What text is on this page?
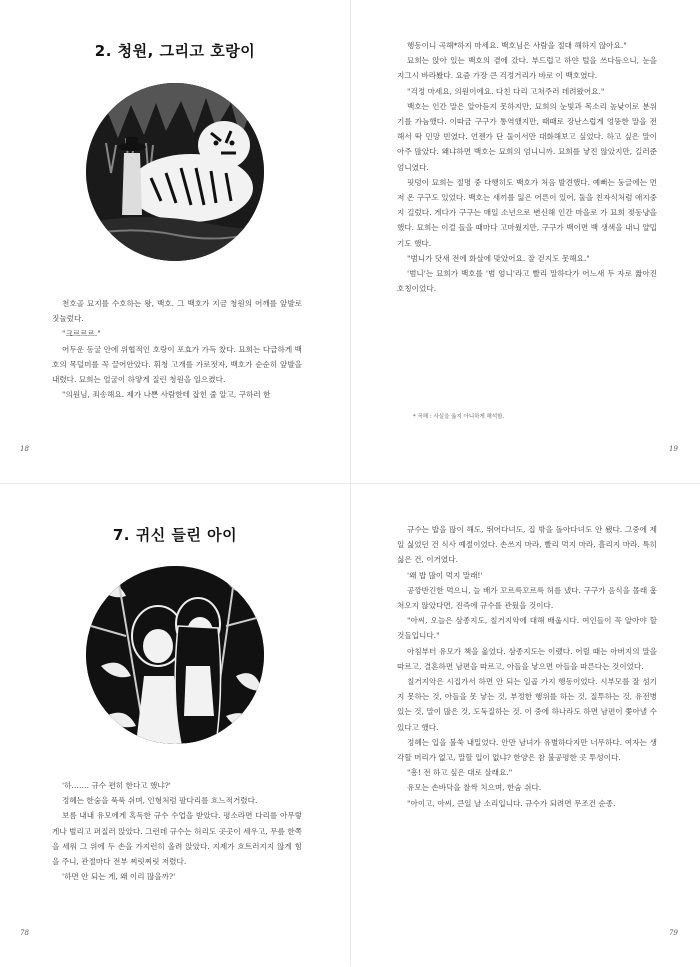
2. 청원, 그리고 호랑이

천호골 묘지를 수호하는 왕, 백호. 그 백호가 지금 청원의 어깨를 앞발로 짓눌렀다.

"크르르르."

어두운 동굴 안에 위협적인 호랑이 포효가 가득 찼다. 묘희는 다급하게 백호의 목덜미를 꼭 끌어안았다. 휘청 고개를 가로젓자, 백호가 순순히 앞발을 내렸다. 묘희는 얼굴이 하얗게 질린 청원을 일으켰다.

"의원님, 죄송해요. 제가 나쁜 사람한테 잡힌 줄 알고, 구하러 한

18

행동이니 곡해*하지 마세요. 백호님은 사람을 절대 해하지 않아요."

묘희는 앉아 있는 백호의 곁에 갔다. 부드럽고 하얀 털을 쓰다듬으니, 눈을 지그시 바라봤다. 요즘 가장 큰 걱정거리가 바로 이 백호였다.

"걱정 마세요, 의원이에요. 다친 다리 고쳐주러 데려왔어요."

백호는 인간 말은 알아듣지 못하지만, 묘희의 눈빛과 목소리 높낮이로 분위기를 가늠했다. 이따금 구구가 통역했지만, 때때로 장난스럽게 엉뚱한 말을 전해서 딱 민망 빈였다. 언젠가 단 둘이서만 대화해보고 싶었다. 하고 싶은 말이 아주 많았다. 왜냐하면 백호는 묘희의 엄니니까. 묘희를 낳진 않았지만, 길러준 엄니였다.

핏덩이 묘희는 절명 중 다행히도 백호가 처음 발견했다. 예뻐는 둥글에는 먼저 온 구구도 있었다. 백호는 새끼를 잃은 어른이 있어, 둘을 친자식처럼 애지중지 길렀다. 게다가 구구는 매일 소년으로 변신해 인간 마을로 가 묘희 젖동냥을 했다. 묘희는 이걸 들을 때마다 고마웠지만, 구구가 백이면 백 생색을 내니 얄밉기도 했다.

"범니가 닷새 전에 화살에 맞았어요. 잘 걷지도 못해요."

'범니'는 묘희가 백호를 '범 엄니'라고 빨리 말하다가 어느새 두 자로 짧아진 호칭이었다.

* 곡해 : 사실을 옳지 아니하게 해석함.
19
7. 귀신 들린 아이

'하……. 규수 편히 한다고 했냐?'

정혜는 한숨을 푹푹 쉬며, 인형처럼 팔다리를 흐느적거렸다.

보름 내내 유모에게 혹독한 규수 수업을 받았다. 평소라면 다리를 아무렇게나 벌리고 퍼질러 앉았다. 그런데 규수는 허리도 곳곳이 세우고, 무릎 한쪽을 세워 그 위에 두 손을 가지런히 올려 앉았다. 지제가 흐트러지지 않게 힘을 주니, 관절마다 전부 찌릿찌릿 저렸다.

'하면 안 되는 게, 왜 이리 많을까?'

78

규수는 밥을 많이 해도, 뛰어다녀도, 집 밖을 돌아다녀도 안 됐다. 그중에 제일 싫었던 건 식사 예절이었다. 손쓰지 마라, 빨리 먹지 마라, 흘리지 마라. 특히 싫은 건, 이거였다.

'왜 밥 많이 먹지 말래!'

공깡반긴한 먹으니, 늘 배가 꼬르륵꼬르륵 허를 냈다. 구구가 음식을 몰래 훔쳐오지 않았다면, 진즉에 규수를 관뒀을 것이다.

"아씨, 오늘은 삼종지도, 칠거지악에 대해 배웁시다. 여인들이 꼭 알아야 할 것들입니다."

아침부터 유모가 책을 읊었다. 삼종지도는 이랬다. 어릴 때는 아버지의 말을 따르고, 결혼하면 남편을 따르고, 아들을 낳으면 아들을 따른다는 것이었다.

칠거지악은 시집가서 하면 안 되는 일곱 가지 행동이었다. 시부모를 잘 섬기지 못하는 것, 아들을 못 낳는 것, 부정한 행위를 하는 것, 질투하는 것, 유전병 있는 것, 말이 많은 것, 도둑질하는 것. 이 중에 하나라도 하면 남편이 쫓아낼 수 있다고 했다.

정혜는 입을 불쑥 내밀었다. 안만 남녀가 유별하다지만 너무하다. 여자는 생각할 머리가 없고, 말할 입이 없냐? 한양은 참 불공평한 곳 투성이다.

"흥! 전 하고 싶은 대로 살래요."

유모는 손바닥을 찰싹 치으며, 한숨 쉬다.

"아이고, 아씨, 큰일 날 소리입니다. 규수가 되려면 무조건 순종.

79
